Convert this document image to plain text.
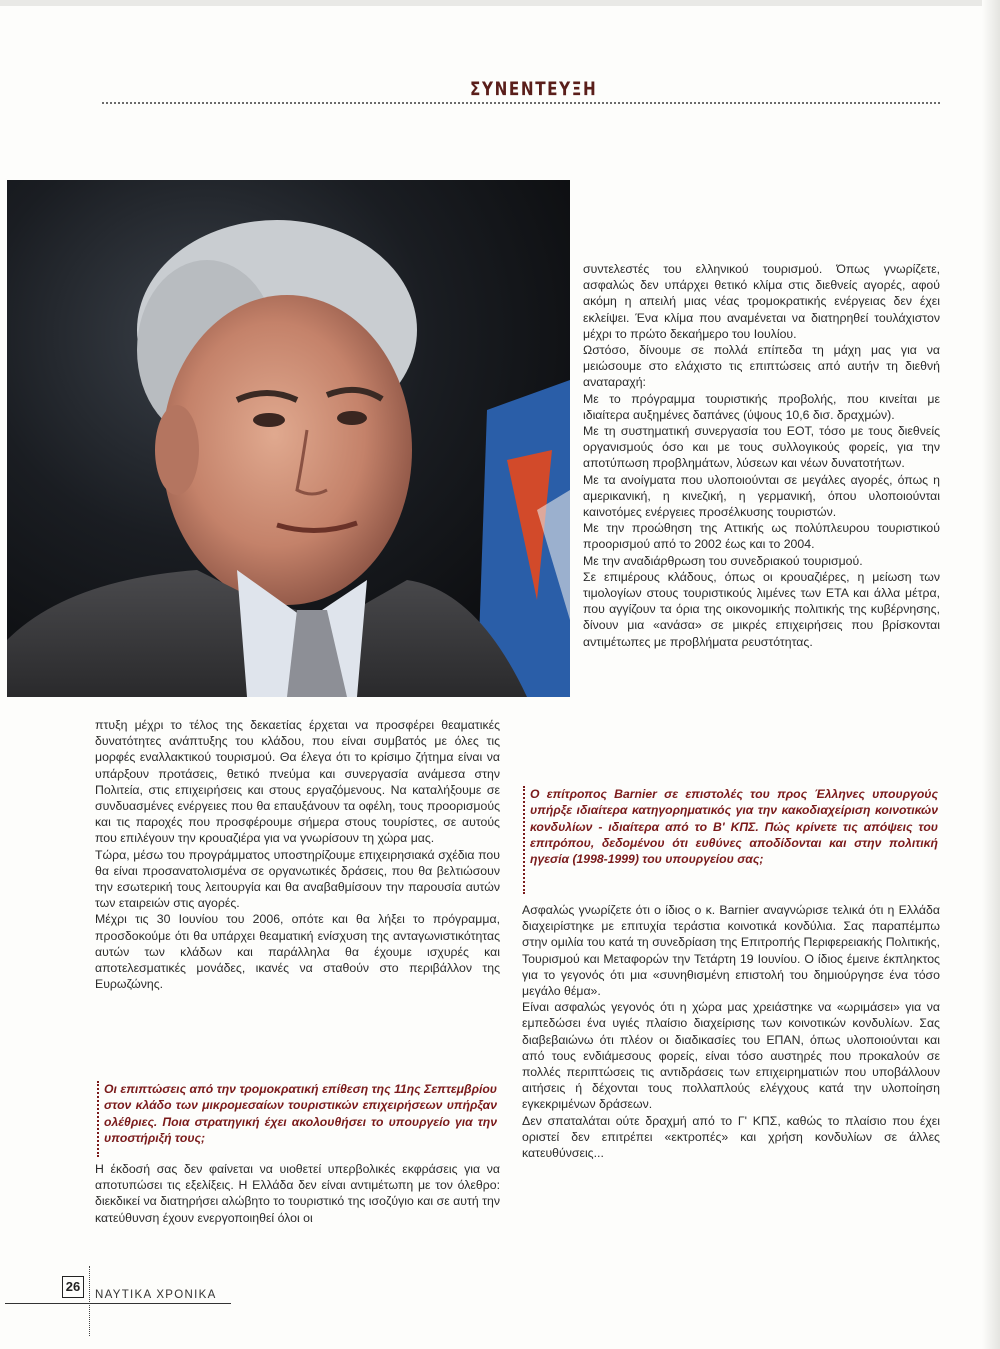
ΣΥΝΕΝΤΕΥΞΗ

συντελεστές του ελληνικού τουρισμού. Όπως γνωρίζετε, ασφαλώς δεν υπάρχει θετικό κλίμα στις διεθνείς αγορές, αφού ακόμη η απειλή μιας νέας τρομοκρατικής ενέργειας δεν έχει εκλείψει. Ένα κλίμα που αναμένεται να διατηρηθεί τουλάχιστον μέχρι το πρώτο δεκαήμερο του Ιουλίου.

Ωστόσο, δίνουμε σε πολλά επίπεδα τη μάχη μας για να μειώσουμε στο ελάχιστο τις επιπτώσεις από αυτήν τη διεθνή αναταραχή:

Με το πρόγραμμα τουριστικής προβολής, που κινείται με ιδιαίτερα αυξημένες δαπάνες (ύψους 10,6 δισ. δραχμών).

Με τη συστηματική συνεργασία του ΕΟΤ, τόσο με τους διεθνείς οργανισμούς όσο και με τους συλλογικούς φορείς, για την αποτύπωση προβλημάτων, λύσεων και νέων δυνατοτήτων.

Με τα ανοίγματα που υλοποιούνται σε μεγάλες αγορές, όπως η αμερικανική, η κινεζική, η γερμανική, όπου υλοποιούνται καινοτόμες ενέργειες προσέλκυσης τουριστών.

Με την προώθηση της Αττικής ως πολύπλευρου τουριστικού προορισμού από το 2002 έως και το 2004.

Με την αναδιάρθρωση του συνεδριακού τουρισμού.

Σε επιμέρους κλάδους, όπως οι κρουαζιέρες, η μείωση των τιμολογίων στους τουριστικούς λιμένες των ΕΤΑ και άλλα μέτρα, που αγγίζουν τα όρια της οικονομικής πολιτικής της κυβέρνησης, δίνουν μια «ανάσα» σε μικρές επιχειρήσεις που βρίσκονται αντιμέτωπες με προβλήματα ρευστότητας.

Ο επίτροπος Barnier σε επιστολές του προς Έλληνες υπουργούς υπήρξε ιδιαίτερα κατηγορηματικός για την κακοδιαχείριση κοινοτικών κονδυλίων - ιδιαίτερα από το Β' ΚΠΣ. Πώς κρίνετε τις απόψεις του επιτρόπου, δεδομένου ότι ευθύνες αποδίδονται και στην πολιτική ηγεσία (1998-1999) του υπουργείου σας;

πτυξη μέχρι το τέλος της δεκαετίας έρχεται να προσφέρει θεαματικές δυνατότητες ανάπτυξης του κλάδου, που είναι συμβατός με όλες τις μορφές εναλλακτικού τουρισμού. Θα έλεγα ότι το κρίσιμο ζήτημα είναι να υπάρξουν προτάσεις, θετικό πνεύμα και συνεργασία ανάμεσα στην Πολιτεία, στις επιχειρήσεις και στους εργαζόμενους. Να καταλήξουμε σε συνδυασμένες ενέργειες που θα επαυξάνουν τα οφέλη, τους προορισμούς και τις παροχές που προσφέρουμε σήμερα στους τουρίστες, σε αυτούς που επιλέγουν την κρουαζιέρα για να γνωρίσουν τη χώρα μας.

Τώρα, μέσω του προγράμματος υποστηρίζουμε επιχειρησιακά σχέδια που θα είναι προσανατολισμένα σε οργανωτικές δράσεις, που θα βελτιώσουν την εσωτερική τους λειτουργία και θα αναβαθμίσουν την παρουσία αυτών των εταιρειών στις αγορές.

Μέχρι τις 30 Ιουνίου του 2006, οπότε και θα λήξει το πρόγραμμα, προσδοκούμε ότι θα υπάρχει θεαματική ενίσχυση της ανταγωνιστικότητας αυτών των κλάδων και παράλληλα θα έχουμε ισχυρές και αποτελεσματικές μονάδες, ικανές να σταθούν στο περιβάλλον της Ευρωζώνης.

Οι επιπτώσεις από την τρομοκρατική επίθεση της 11ης Σεπτεμβρίου στον κλάδο των μικρομεσαίων τουριστικών επιχειρήσεων υπήρξαν ολέθριες. Ποια στρατηγική έχει ακολουθήσει το υπουργείο για την υποστήριξή τους;
Η έκδοσή σας δεν φαίνεται να υιοθετεί υπερβολικές εκφράσεις για να αποτυπώσει τις εξελίξεις. Η Ελλάδα δεν είναι αντιμέτωπη με τον όλεθρο: διεκδικεί να διατηρήσει αλώβητο το τουριστικό της ισοζύγιο και σε αυτή την κατεύθυνση έχουν ενεργοποιηθεί όλοι οι

Ασφαλώς γνωρίζετε ότι ο ίδιος ο κ. Barnier αναγνώρισε τελικά ότι η Ελλάδα διαχειρίστηκε με επιτυχία τεράστια κοινοτικά κονδύλια. Σας παραπέμπω στην ομιλία του κατά τη συνεδρίαση της Επιτροπής Περιφερειακής Πολιτικής, Τουρισμού και Μεταφορών την Τετάρτη 19 Ιουνίου. Ο ίδιος έμεινε έκπληκτος για το γεγονός ότι μια «συνηθισμένη επιστολή του δημιούργησε ένα τόσο μεγάλο θέμα».

Είναι ασφαλώς γεγονός ότι η χώρα μας χρειάστηκε να «ωριμάσει» για να εμπεδώσει ένα υγιές πλαίσιο διαχείρισης των κοινοτικών κονδυλίων. Σας διαβεβαιώνω ότι πλέον οι διαδικασίες του ΕΠΑΝ, όπως υλοποιούνται και από τους ενδιάμεσους φορείς, είναι τόσο αυστηρές που προκαλούν σε πολλές περιπτώσεις τις αντιδράσεις των επιχειρηματιών που υποβάλλουν αιτήσεις ή δέχονται τους πολλαπλούς ελέγχους κατά την υλοποίηση εγκεκριμένων δράσεων.

Δεν σπαταλάται ούτε δραχμή από το Γ' ΚΠΣ, καθώς το πλαίσιο που έχει οριστεί δεν επιτρέπει «εκτροπές» και χρήση κονδυλίων σε άλλες κατευθύνσεις...

26
ΝΑΥΤΙΚΑ ΧΡΟΝΙΚΑ
